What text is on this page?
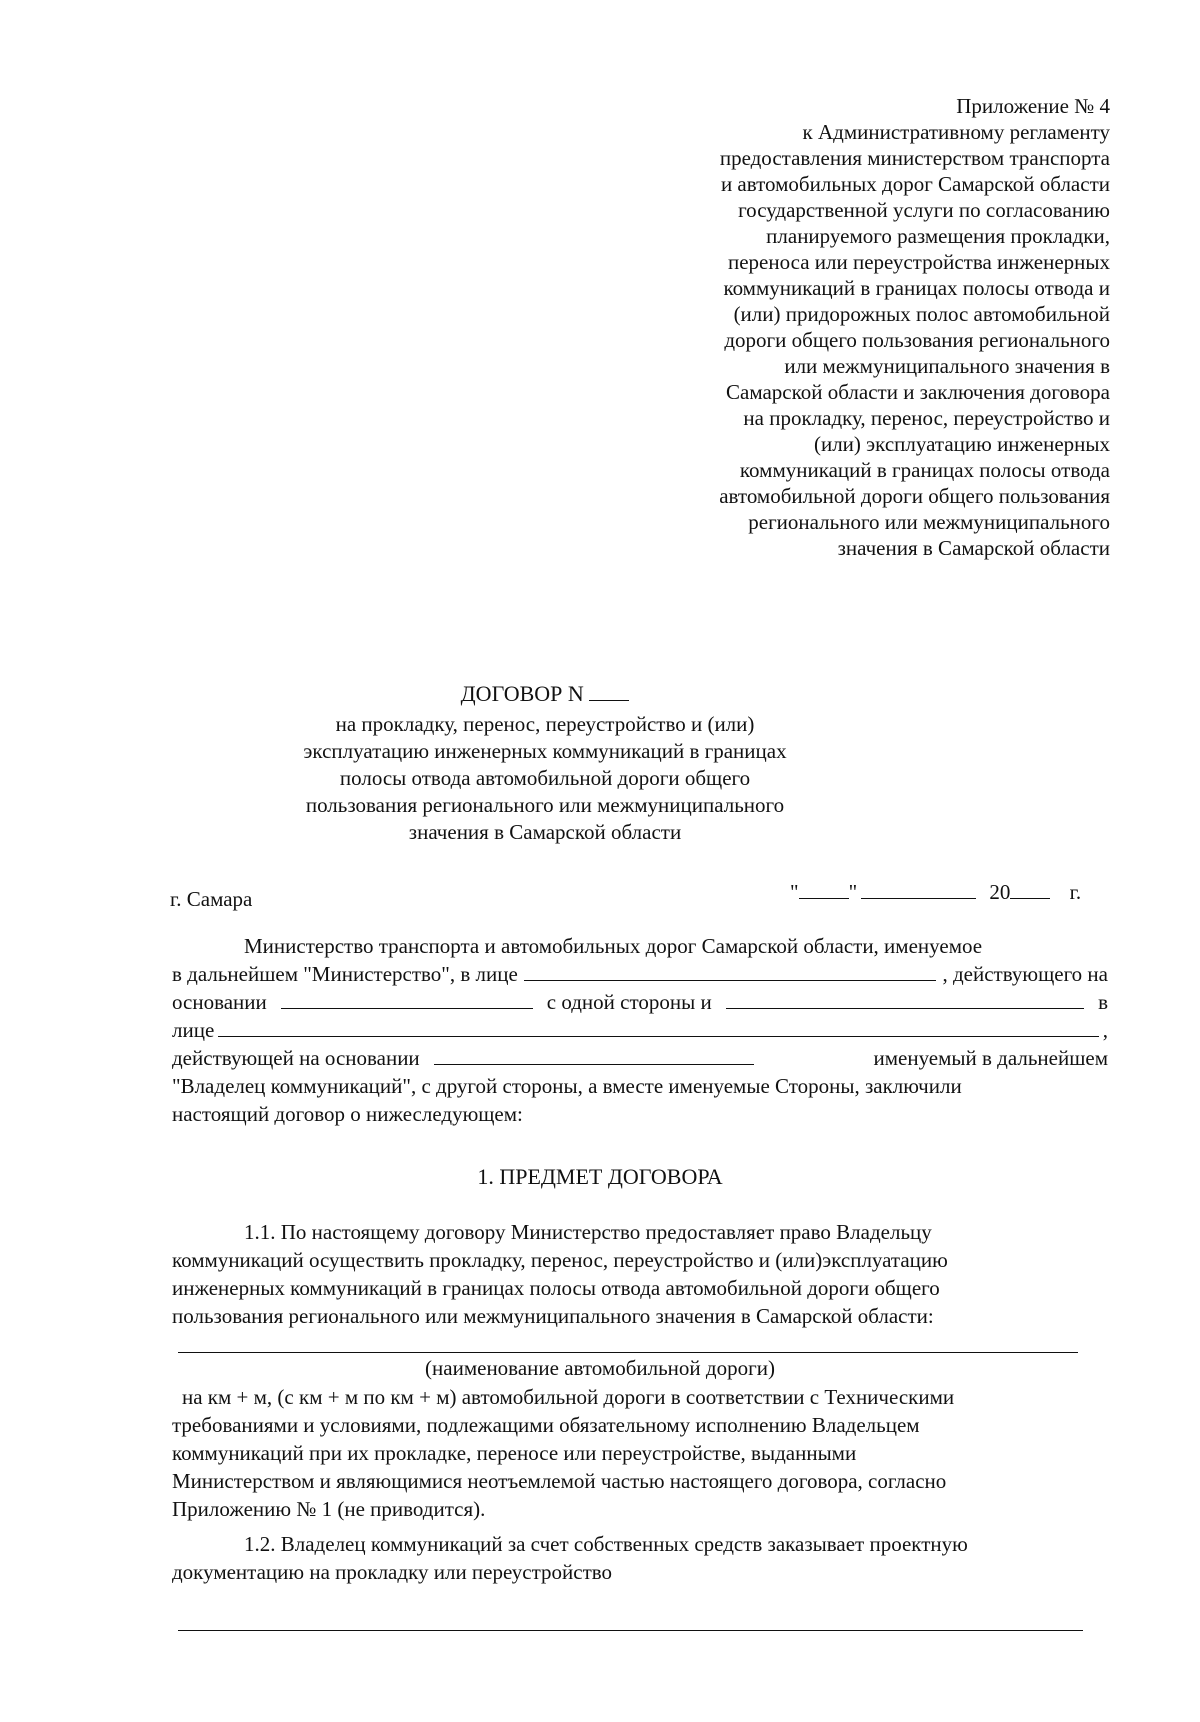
Приложение № 4
к Административному регламенту
предоставления министерством транспорта
и автомобильных дорог Самарской области
государственной услуги по согласованию
планируемого размещения прокладки,
переноса или переустройства инженерных
коммуникаций в границах полосы отвода и
(или) придорожных полос автомобильной
дороги общего пользования регионального
или межмуниципального значения в
Самарской области и заключения договора
на прокладку, перенос, переустройство и
(или) эксплуатацию инженерных
коммуникаций в границах полосы отвода
автомобильной дороги общего пользования
регионального или межмуниципального
значения в Самарской области
ДОГОВОР N
на прокладку, перенос, переустройство и (или)
эксплуатацию инженерных коммуникаций в границах
полосы отвода автомобильной дороги общего
пользования регионального или межмуниципального
значения в Самарской области
г. Самара	" "	20	г.
Министерство транспорта и автомобильных дорог Самарской области, именуемое
в дальнейшем "Министерство", в лице	, действующего на
основании	с одной стороны и	в
лице	,
действующей на основании	именуемый в дальнейшем
"Владелец коммуникаций", с другой стороны, а вместе именуемые Стороны, заключили
настоящий договор о нижеследующем:
1. ПРЕДМЕТ ДОГОВОРА
1.1. По настоящему договору Министерство предоставляет право Владельцу
коммуникаций осуществить прокладку, перенос, переустройство и (или)эксплуатацию
инженерных коммуникаций в границах полосы отвода автомобильной дороги общего
пользования регионального или межмуниципального значения в Самарской области:
(наименование автомобильной дороги)
на км + м, (с км + м по км + м) автомобильной дороги в соответствии с Техническими
требованиями и условиями, подлежащими обязательному исполнению Владельцем
коммуникаций при их прокладке, переносе или переустройстве, выданными
Министерством и являющимися неотъемлемой частью настоящего договора, согласно
Приложению № 1 (не приводится).
1.2. Владелец коммуникаций за счет собственных средств заказывает проектную
документацию на прокладку или переустройство
